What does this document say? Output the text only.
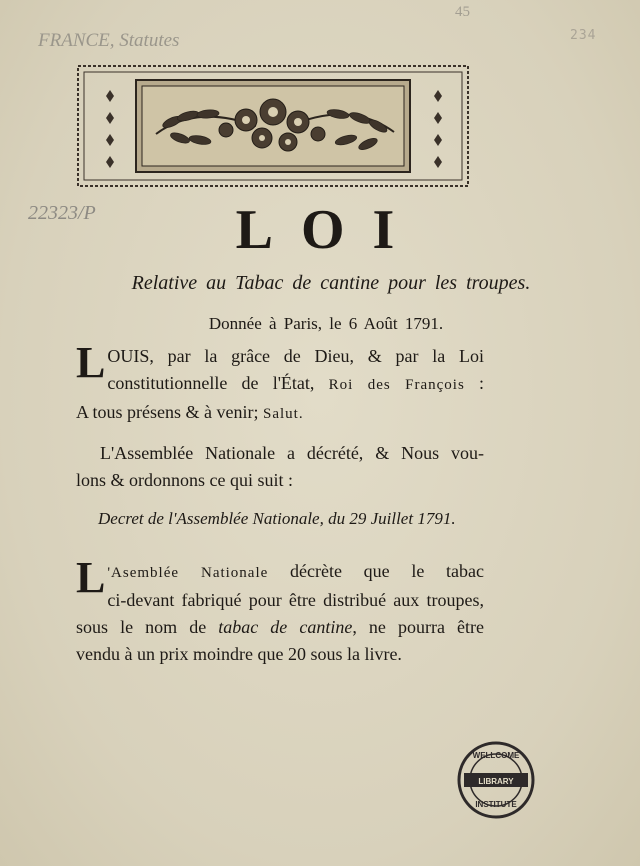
FRANCE, Statutes
45
234
22323/P	LOI
Relative au Tabac de cantine pour les troupes.
Donnée à Paris, le 6 Août 1791.
L OUIS, par la grâce de Dieu, & par la Loi
constitutionnelle de l'État, Roi des François :
A tous présens & à venir; Salut.
L'Assemblée Nationale a décrété, & Nous vou-
lons & ordonnons ce qui suit :
Decret de l'Assemblée Nationale, du 29 Juillet 1791.
L 'Asemblée Nationale décrète que le tabac
ci-devant fabriqué pour être distribué aux troupes,
sous le nom de tabac de cantine, ne pourra être
vendu à un prix moindre que 20 sous la livre.
WELLCOME
LIBRARY
INSTITUTE
